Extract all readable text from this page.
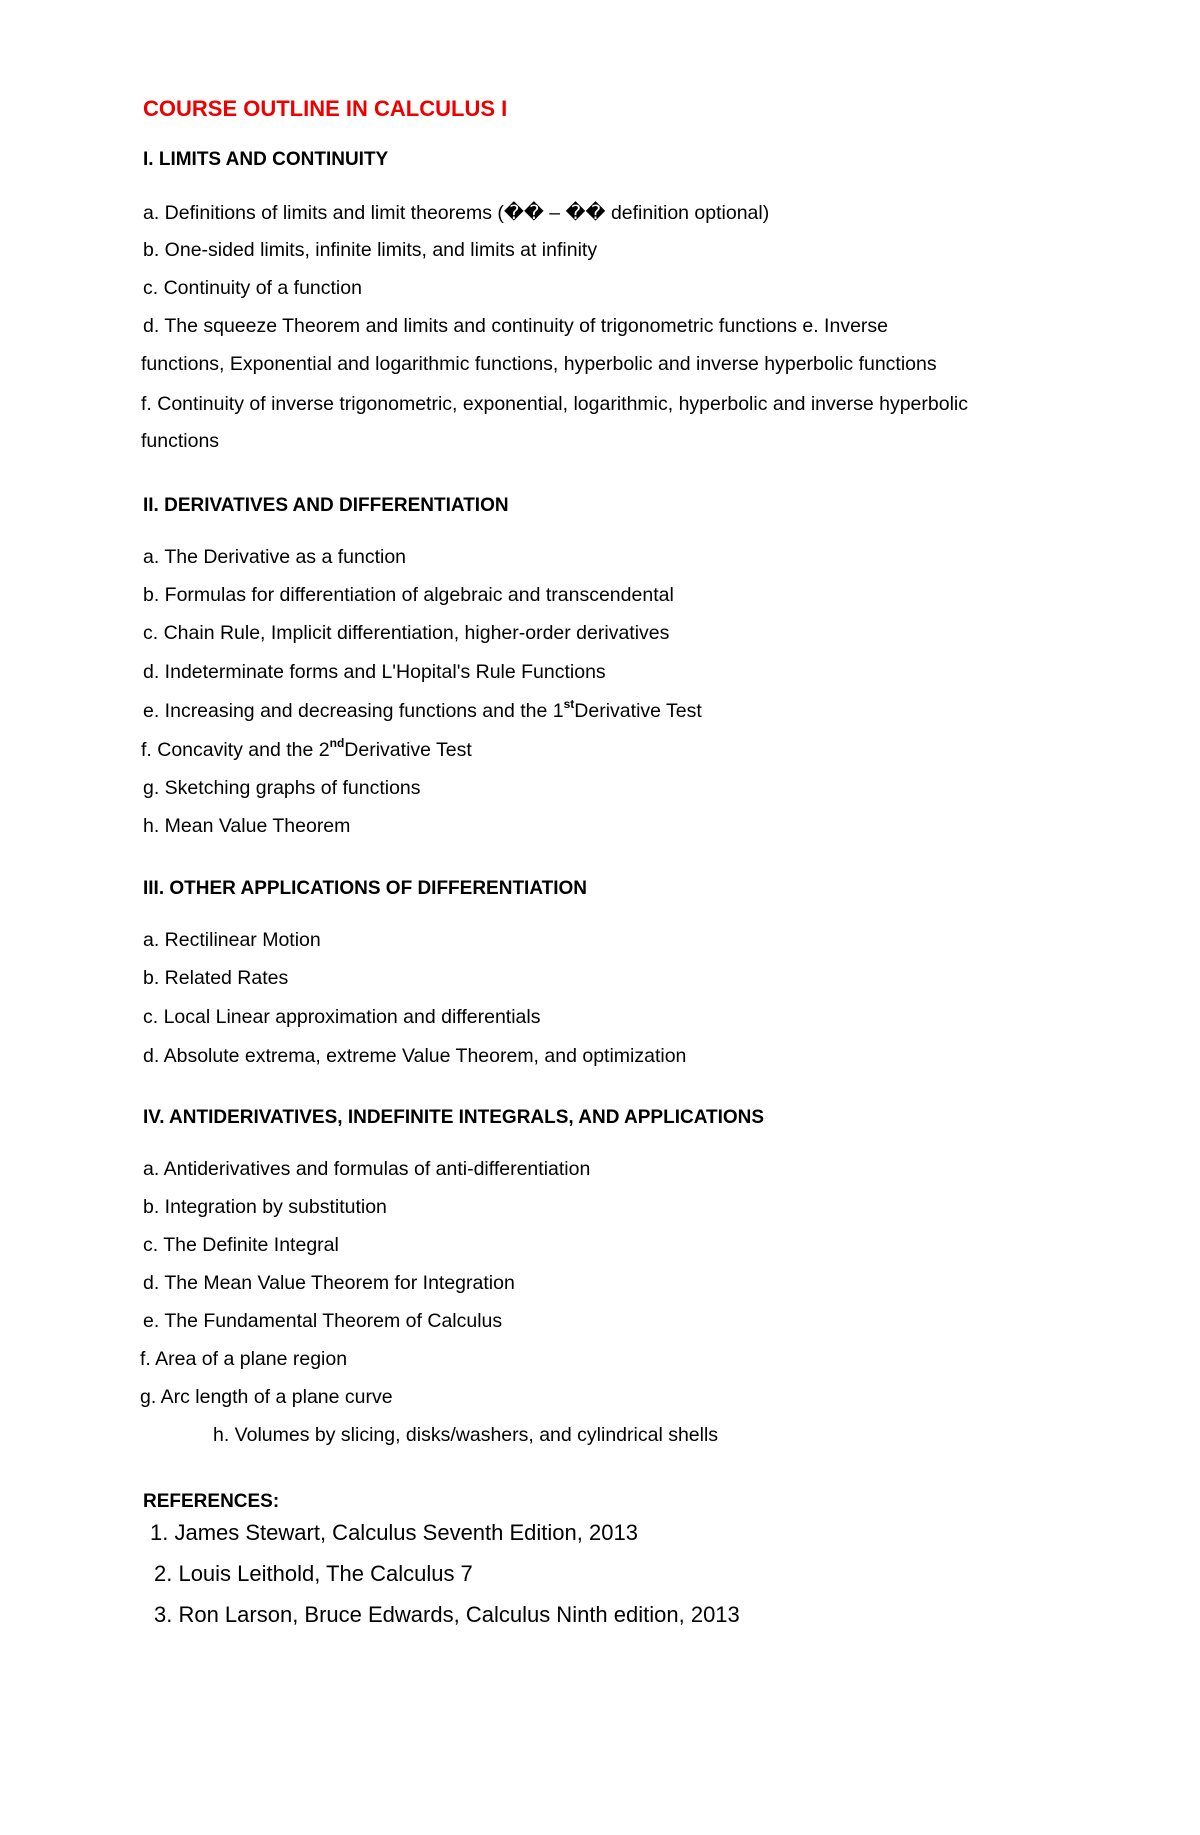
COURSE OUTLINE IN CALCULUS I
I. LIMITS AND CONTINUITY
a. Definitions of limits and limit theorems (�� – �� definition optional)
b. One-sided limits, infinite limits, and limits at infinity
c. Continuity of a function
d. The squeeze Theorem and limits and continuity of trigonometric functions e. Inverse
functions, Exponential and logarithmic functions, hyperbolic and inverse hyperbolic functions
f. Continuity of inverse trigonometric, exponential, logarithmic, hyperbolic and inverse hyperbolic
functions
II. DERIVATIVES AND DIFFERENTIATION
a. The Derivative as a function
b. Formulas for differentiation of algebraic and transcendental
c. Chain Rule, Implicit differentiation, higher-order derivatives
d. Indeterminate forms and L'Hopital's Rule Functions
e. Increasing and decreasing functions and the 1stDerivative Test
f. Concavity and the 2ndDerivative Test
g. Sketching graphs of functions
h. Mean Value Theorem
III. OTHER APPLICATIONS OF DIFFERENTIATION
a. Rectilinear Motion
b. Related Rates
c. Local Linear approximation and differentials
d. Absolute extrema, extreme Value Theorem, and optimization
IV. ANTIDERIVATIVES, INDEFINITE INTEGRALS, AND APPLICATIONS
a. Antiderivatives and formulas of anti-differentiation
b. Integration by substitution
c. The Definite Integral
d. The Mean Value Theorem for Integration
e. The Fundamental Theorem of Calculus
f. Area of a plane region
g. Arc length of a plane curve
h. Volumes by slicing, disks/washers, and cylindrical shells
REFERENCES:
1. James Stewart, Calculus Seventh Edition, 2013
2. Louis Leithold, The Calculus 7
3. Ron Larson, Bruce Edwards, Calculus Ninth edition, 2013
